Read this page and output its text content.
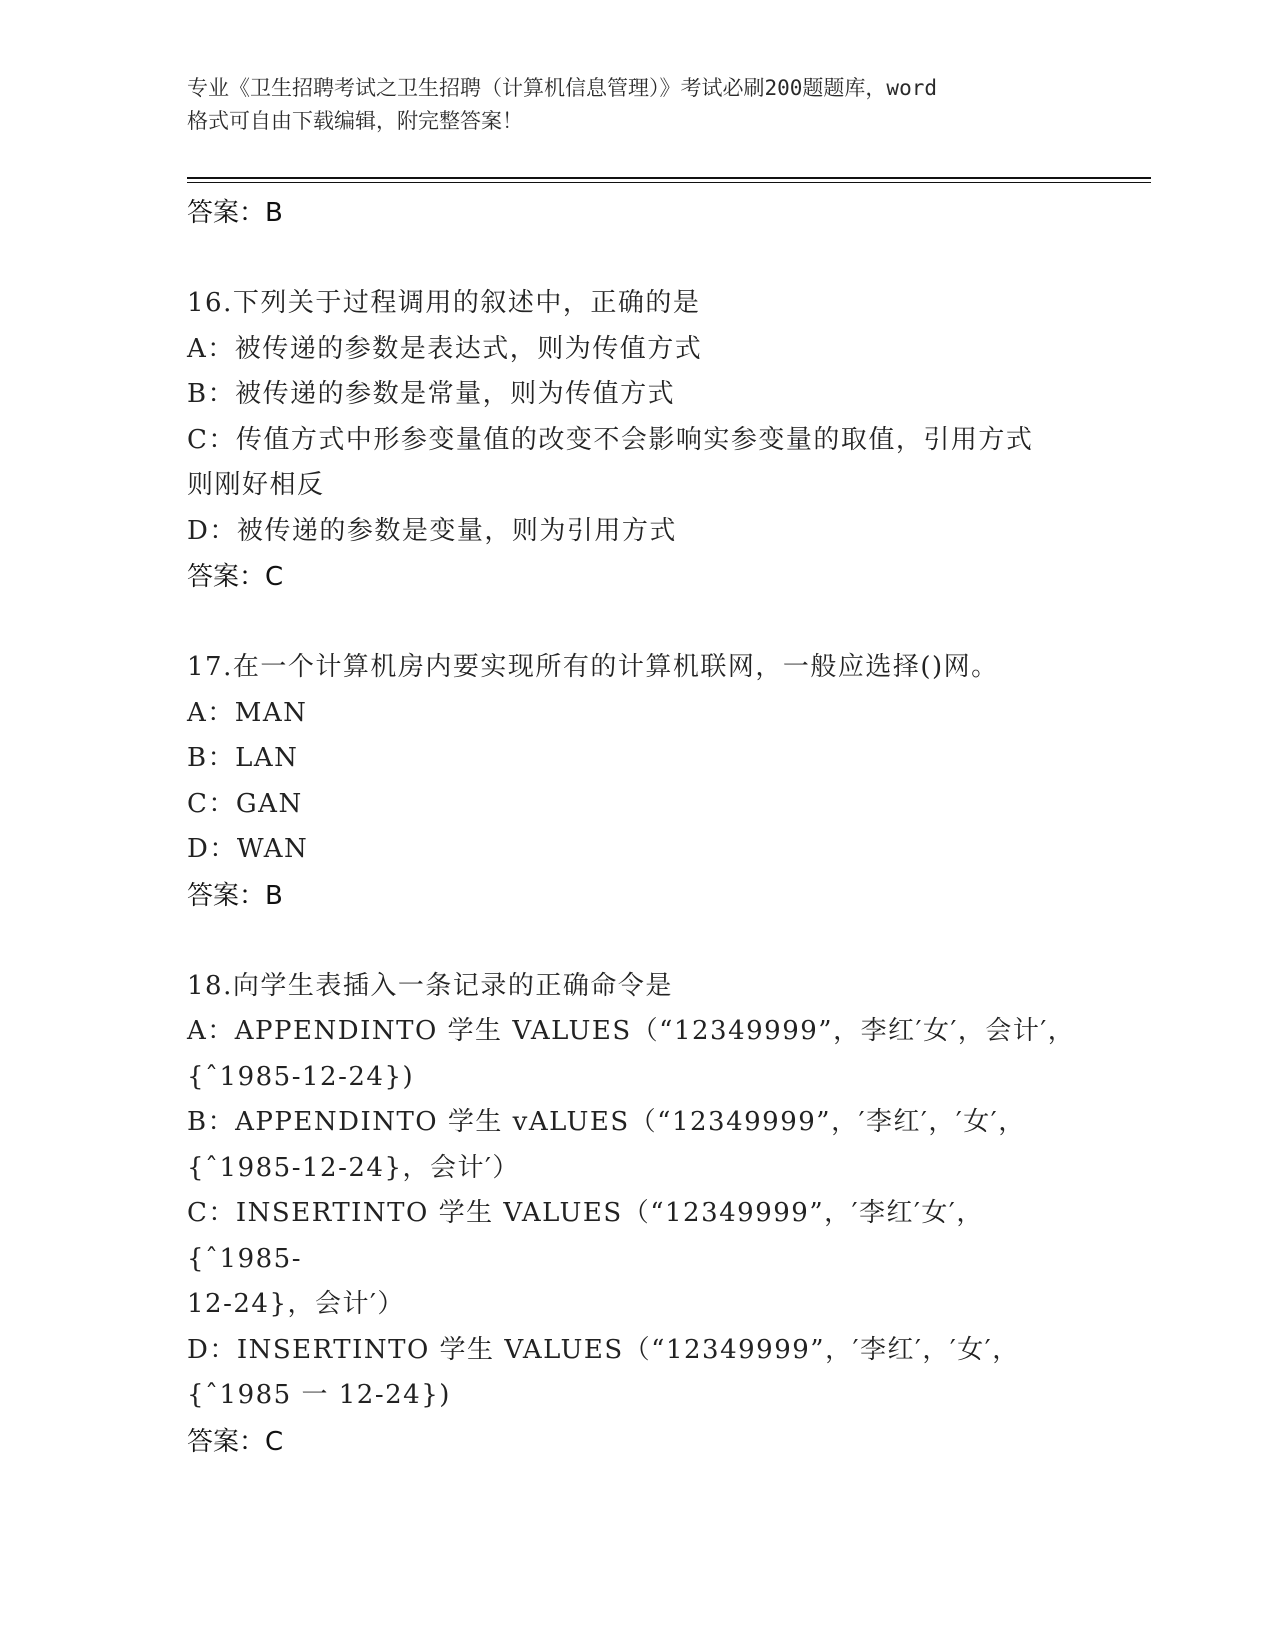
专业《卫生招聘考试之卫生招聘（计算机信息管理）》考试必刷200题题库，word
格式可自由下载编辑，附完整答案！
答案：B
16.下列关于过程调用的叙述中，正确的是
A：被传递的参数是表达式，则为传值方式
B：被传递的参数是常量，则为传值方式
C：传值方式中形参变量值的改变不会影响实参变量的取值，引用方式
则刚好相反
D：被传递的参数是变量，则为引用方式
答案：C
17.在一个计算机房内要实现所有的计算机联网，一般应选择()网。
A：MAN
B：LAN
C：GAN
D：WAN
答案：B
18.向学生表插入一条记录的正确命令是
A：APPENDINTO 学生 VALUES（“12349999”，李红′女′，会计′，
{ˆ1985-12-24})
B：APPENDINTO 学生 vALUES（“12349999”，′李红′，′女′，
{ˆ1985-12-24}，会计′）
C：INSERTINTO 学生 VALUES（“12349999”，′李红′女′，{ˆ1985-
12-24}，会计′）
D：INSERTINTO 学生 VALUES（“12349999”，′李红′，′女′，
{ˆ1985 一 12-24})
答案：C
